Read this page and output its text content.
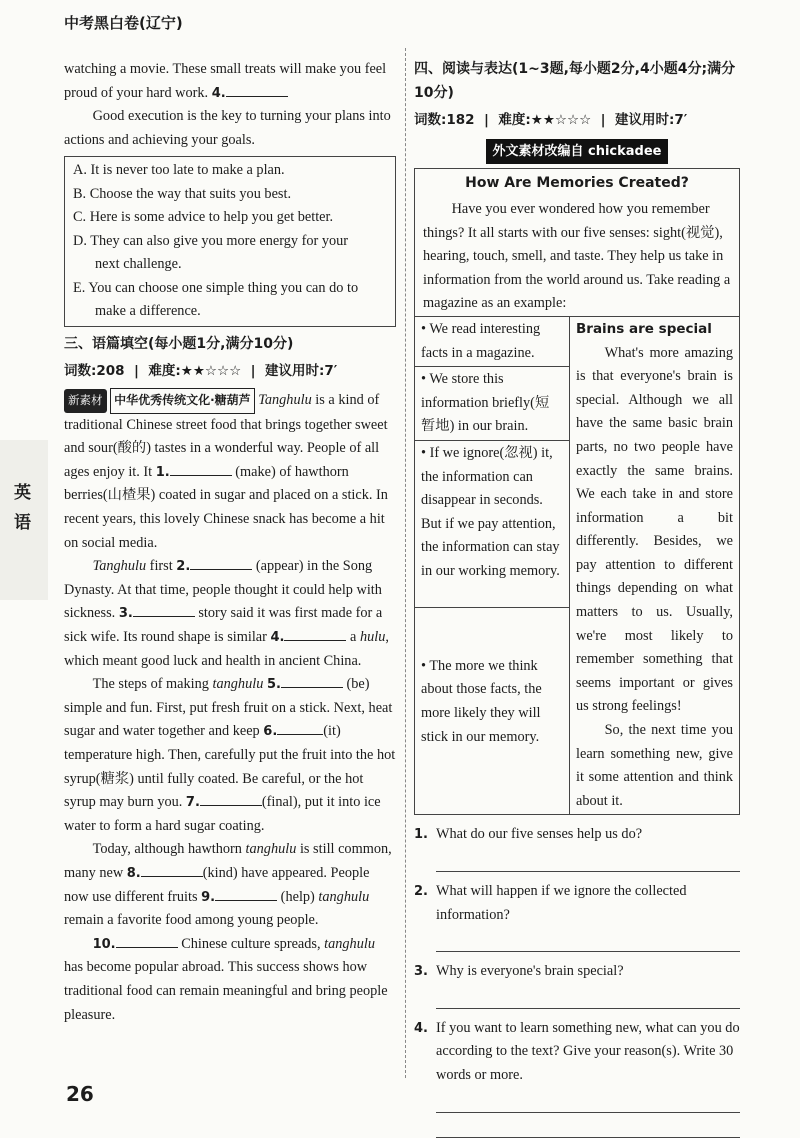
中考黑白卷(辽宁)
英
语

watching a movie. These small treats will make you feel proud of your hard work. 4.

Good execution is the key to turning your plans into actions and achieving your goals.

A. It is never too late to make a plan.
B. Choose the way that suits you best.
C. Here is some advice to help you get better.
D. They can also give you more energy for your
next challenge.
E. You can choose one simple thing you can do to
make a difference.
三、语篇填空(每小题1分,满分10分)
词数:208  |  难度:★★☆☆☆  |  建议用时:7′

新素材 中华优秀传统文化·糖葫芦 Tanghulu is a kind of traditional Chinese street food that brings together sweet and sour(酸的) tastes in a wonderful way. People of all ages enjoy it. It 1.	(make) of hawthorn berries(山楂果) coated in sugar and placed on a stick. In recent years, this lovely Chinese snack has become a hit on social media.

Tanghulu first 2.	(appear) in the Song Dynasty. At that time, people thought it could help with sickness. 3.	story said it was first made for a sick wife. Its round shape is similar 4.	a hulu, which meant good luck and health in ancient China.

The steps of making tanghulu 5.	(be) simple and fun. First, put fresh fruit on a stick. Next, heat sugar and water together and keep 6.	(it) temperature high. Then, carefully put the fruit into the hot syrup(糖浆) until fully coated. Be careful, or the hot syrup may burn you. 7.	(final), put it into ice water to form a hard sugar coating.

Today, although hawthorn tanghulu is still common, many new 8.	(kind) have appeared. People now use different fruits 9.	(help) tanghulu remain a favorite food among young people.

10.	Chinese culture spreads, tanghulu has become popular abroad. This success shows how traditional food can remain meaningful and bring people pleasure.

四、阅读与表达(1~3题,每小题2分,4小题4分;满分10分)
词数:182  |  难度:★★☆☆☆  |  建议用时:7′
外文素材改编自 chickadee
How Are Memories Created?

Have you ever wondered how you remember things? It all starts with our five senses: sight(视觉), hearing, touch, smell, and taste. They help us take in information from the world around us. Take reading a magazine as an example:

• We read interesting facts in a magazine.
• We store this information briefly(短暂地) in our brain.
• If we ignore(忽视) it, the information can disappear in seconds. But if we pay attention, the information can stay in our working memory.
• The more we think about those facts, the more likely they will stick in our memory.
Brains are special

What's more amazing is that everyone's brain is special. Although we all have the same basic brain parts, no two people have exactly the same brains. We each take in and store information a bit differently. Besides, we pay attention to different things depending on what matters to us. Usually, we're most likely to remember something that seems important or gives us strong feelings!

So, the next time you learn something new, give it some attention and think about it.

1. What do our five senses help us do?
2. What will happen if we ignore the collected information?
3. Why is everyone's brain special?
4. If you want to learn something new, what can you do according to the text? Give your reason(s). Write 30 words or more.
26
